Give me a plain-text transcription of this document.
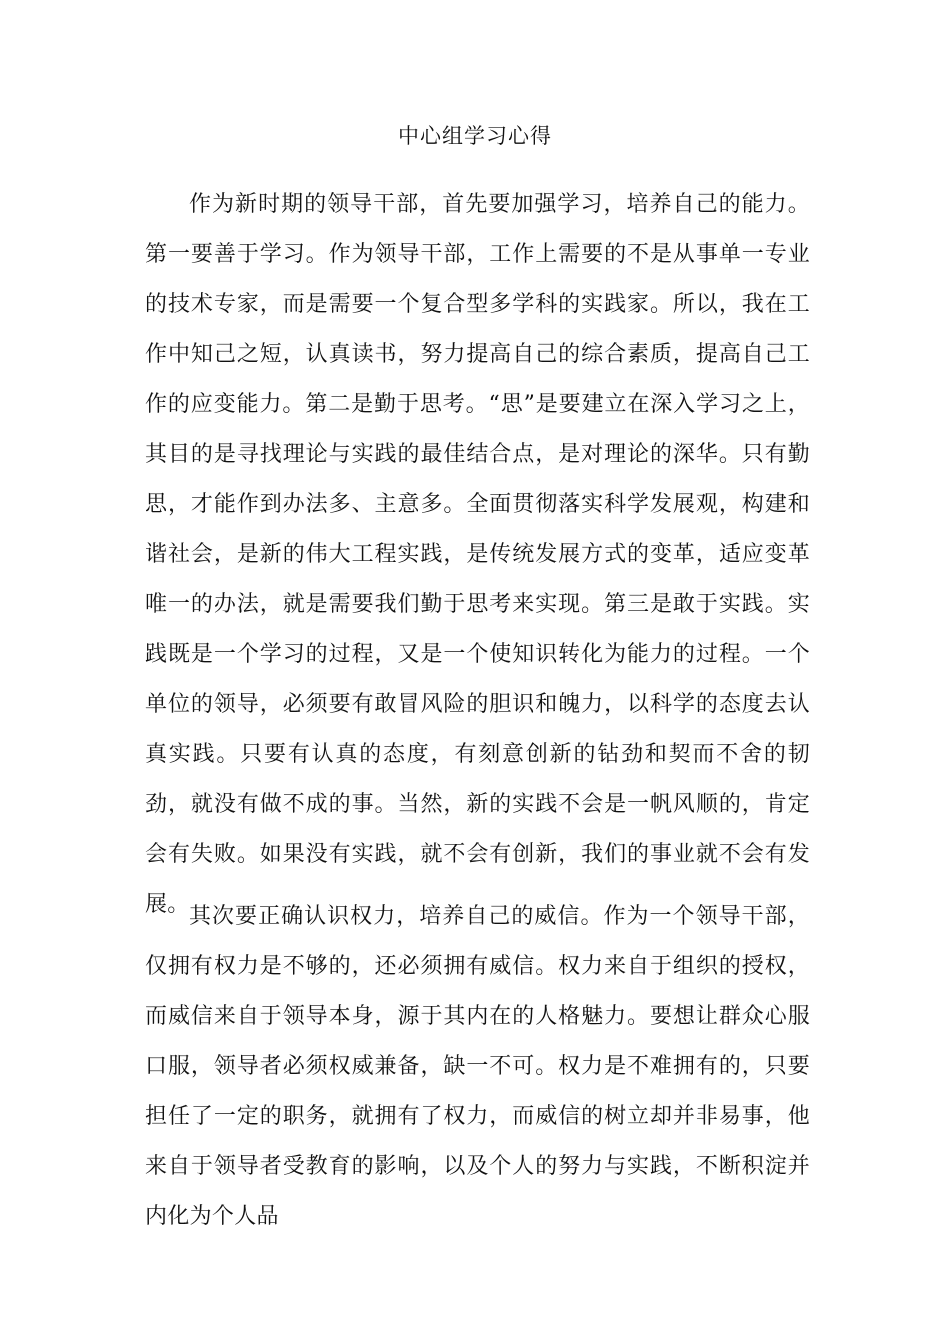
中心组学习心得

作为新时期的领导干部，首先要加强学习，培养自己的能力。第一要善于学习。作为领导干部，工作上需要的不是从事单一专业的技术专家，而是需要一个复合型多学科的实践家。所以，我在工作中知己之短，认真读书，努力提高自己的综合素质，提高自己工作的应变能力。第二是勤于思考。“思”是要建立在深入学习之上，其目的是寻找理论与实践的最佳结合点，是对理论的深华。只有勤思，才能作到办法多、主意多。全面贯彻落实科学发展观，构建和谐社会，是新的伟大工程实践，是传统发展方式的变革，适应变革唯一的办法，就是需要我们勤于思考来实现。第三是敢于实践。实践既是一个学习的过程，又是一个使知识转化为能力的过程。一个单位的领导，必须要有敢冒风险的胆识和魄力，以科学的态度去认真实践。只要有认真的态度，有刻意创新的钻劲和契而不舍的韧劲，就没有做不成的事。当然，新的实践不会是一帆风顺的，肯定会有失败。如果没有实践，就不会有创新，我们的事业就不会有发展。 其次要正确认识权力，培养自己的威信。作为一个领导干部，仅拥有权力是不够的，还必须拥有威信。权力来自于组织的授权，而威信来自于领导本身，源于其内在的人格魅力。要想让群众心服口服，领导者必须权威兼备，缺一不可。权力是不难拥有的，只要担任了一定的职务，就拥有了权力，而威信的树立却并非易事，他来自于领导者受教育的影响，以及个人的努力与实践，不断积淀并内化为个人品
